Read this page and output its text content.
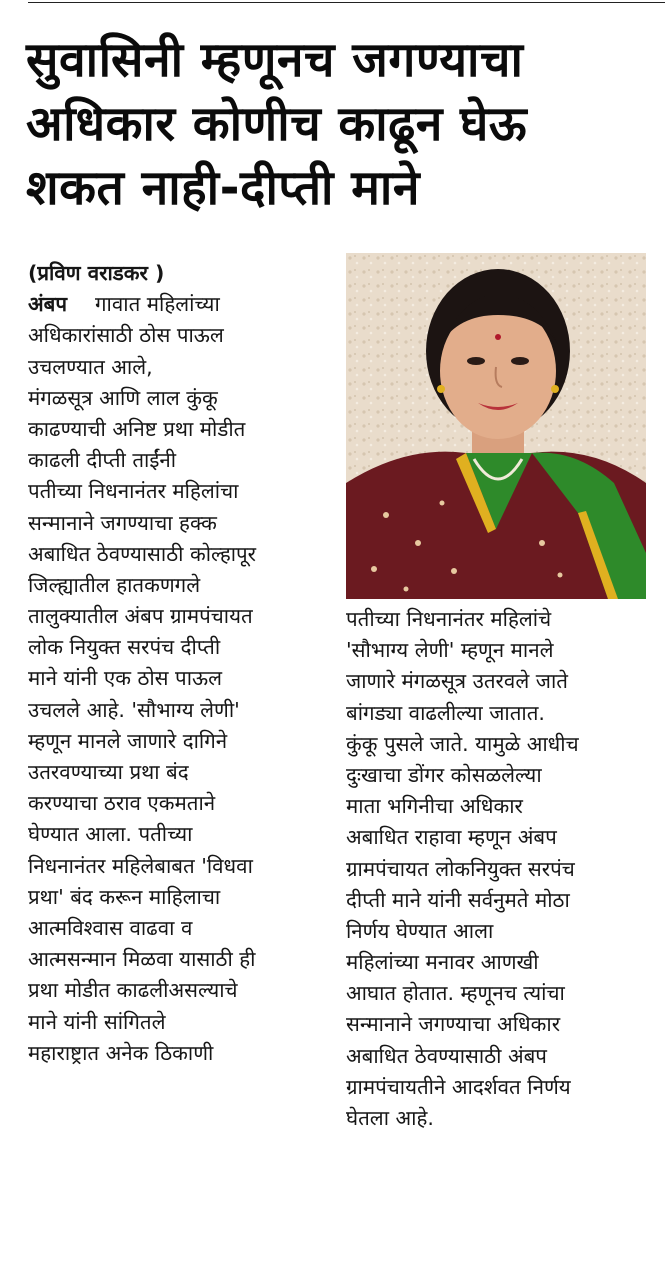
सुवासिनी म्हणूनच जगण्याचा
अधिकार कोणीच काढून घेऊ
शकत नाही-दीप्ती माने
(प्रविण वराडकर )
अंबप गावात महिलांच्या
अधिकारांसाठी ठोस पाऊल
उचलण्यात आले,
मंगळसूत्र आणि लाल कुंकू
काढण्याची अनिष्ट प्रथा मोडीत
काढली दीप्ती ताईंनी
पतीच्या निधनानंतर महिलांचा
सन्मानाने जगण्याचा हक्क
अबाधित ठेवण्यासाठी कोल्हापूर
जिल्ह्यातील हातकणगले
तालुक्यातील अंबप ग्रामपंचायत
लोक नियुक्त सरपंच दीप्ती
माने यांनी एक ठोस पाऊल
उचलले आहे. 'सौभाग्य लेणी'
म्हणून मानले जाणारे दागिने
उतरवण्याच्या प्रथा बंद
करण्याचा ठराव एकमताने
घेण्यात आला. पतीच्या
निधनानंतर महिलेबाबत 'विधवा
प्रथा' बंद करून माहिलाचा
आत्मविश्वास वाढवा व
आत्मसन्मान मिळवा यासाठी ही
प्रथा मोडीत काढलीअसल्याचे
माने यांनी सांगितले
महाराष्ट्रात अनेक ठिकाणी
पतीच्या निधनानंतर महिलांचे
'सौभाग्य लेणी' म्हणून मानले
जाणारे मंगळसूत्र उतरवले जाते
बांगड्या वाढलील्या जातात.
कुंकू पुसले जाते. यामुळे आधीच
दुःखाचा डोंगर कोसळलेल्या
माता भगिनीचा अधिकार
अबाधित राहावा म्हणून अंबप
ग्रामपंचायत लोकनियुक्त सरपंच
दीप्ती माने यांनी सर्वनुमते मोठा
निर्णय घेण्यात आला
महिलांच्या मनावर आणखी
आघात होतात. म्हणूनच त्यांचा
सन्मानाने जगण्याचा अधिकार
अबाधित ठेवण्यासाठी अंबप
ग्रामपंचायतीने आदर्शवत निर्णय
घेतला आहे.
